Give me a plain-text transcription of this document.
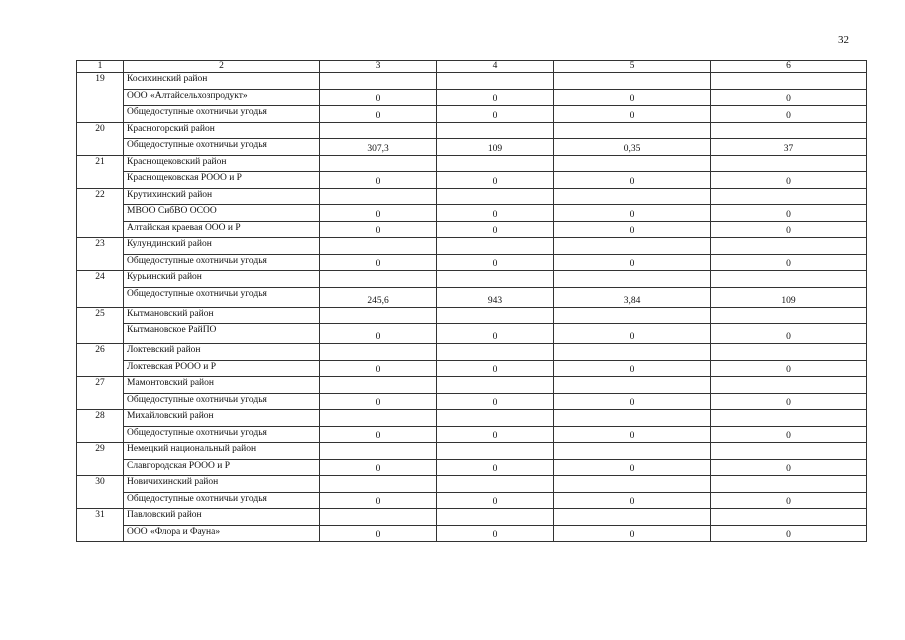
32
1	2	3	4	5	6
19	Косихинский район				
	ООО «Алтайсельхозпродукт»	0	0	0	0
	Общедоступные охотничьи угодья	0	0	0	0
20	Красногорский район				
	Общедоступные охотничьи угодья	307,3	109	0,35	37
21	Краснощековский район				
	Краснощековская РООО и Р	0	0	0	0
22	Крутихинский район				
	МВОО СибВО ОСОО	0	0	0	0
	Алтайская краевая ООО и Р	0	0	0	0
23	Кулундинский район				
	Общедоступные охотничьи угодья	0	0	0	0
24	Курьинский район				
	Общедоступные охотничьи угодья	245,6	943	3,84	109
25	Кытмановский район				
	Кытмановское РайПО	0	0	0	0
26	Локтевский район				
	Локтевская РООО и Р	0	0	0	0
27	Мамонтовский район				
	Общедоступные охотничьи угодья	0	0	0	0
28	Михайловский район				
	Общедоступные охотничьи угодья	0	0	0	0
29	Немецкий национальный район				
	Славгородская РООО и Р	0	0	0	0
30	Новичихинский район				
	Общедоступные охотничьи угодья	0	0	0	0
31	Павловский район				
	ООО «Флора и Фауна»	0	0	0	0
